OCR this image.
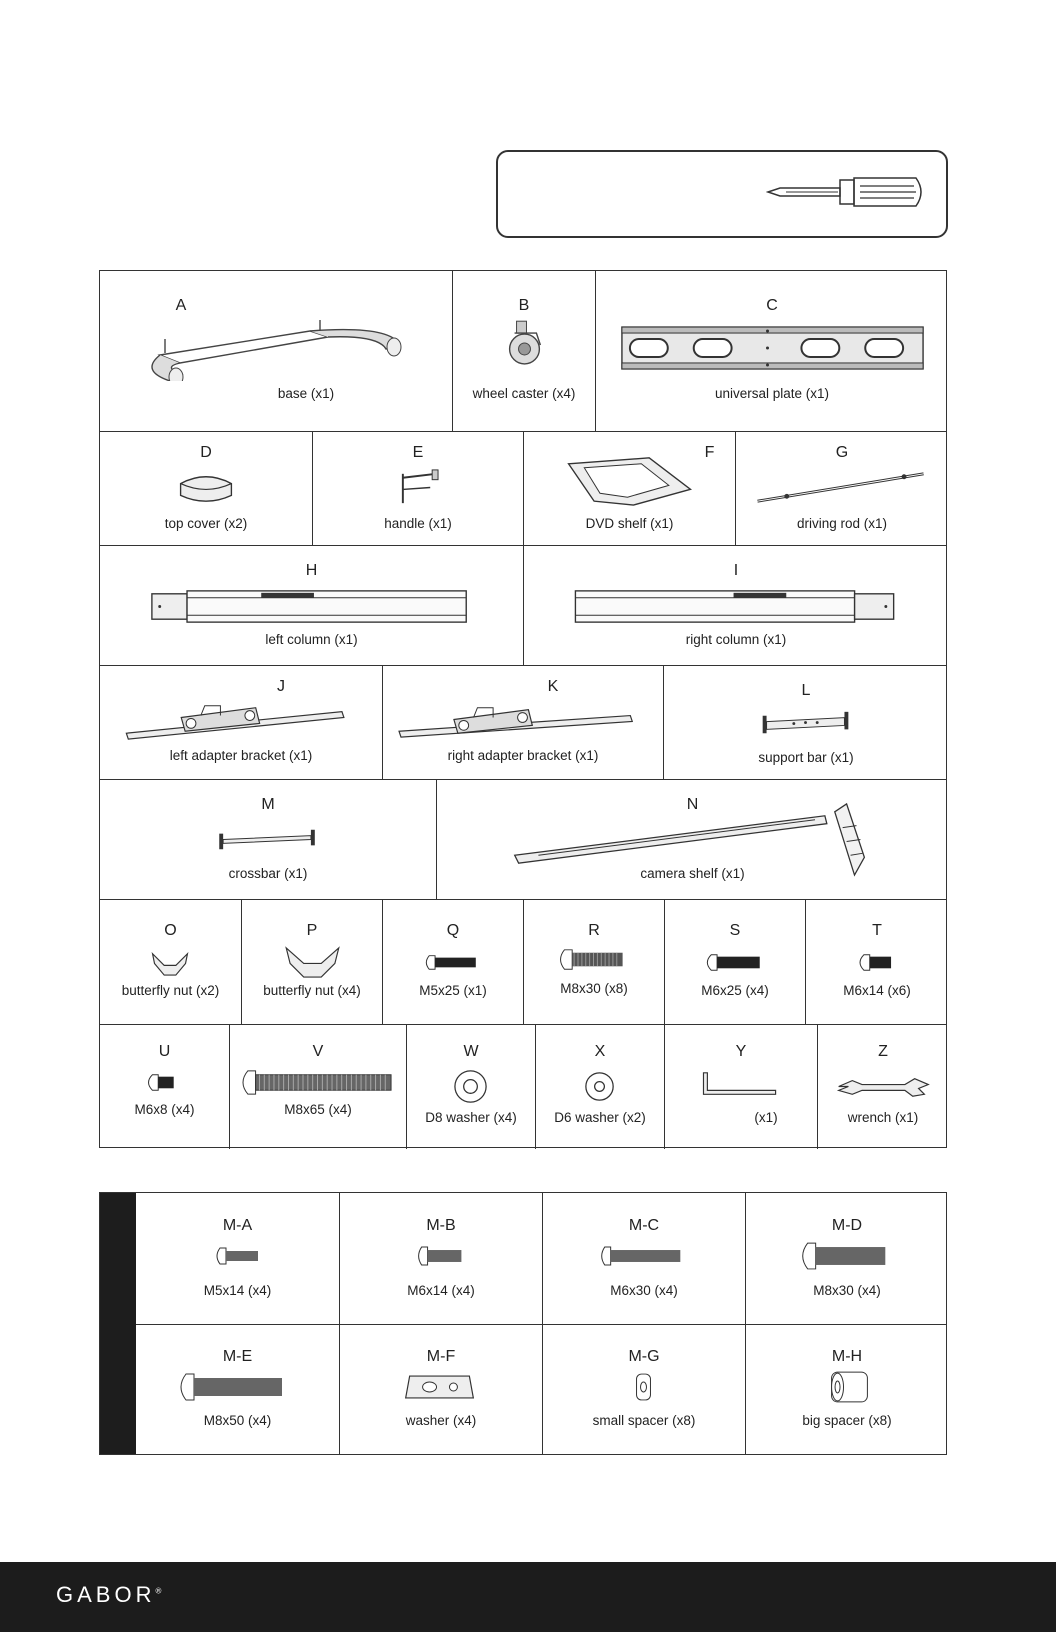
A
base (x1)
B
wheel caster (x4)
C
universal plate (x1)
D
top cover (x2)
E
handle (x1)
F
DVD shelf (x1)
G
driving rod (x1)
H
left column (x1)
I
right column (x1)
J
left adapter bracket (x1)
K
right adapter bracket (x1)
L
support bar (x1)
M
crossbar (x1)
N
camera shelf (x1)
O
butterfly nut (x2)
P
butterfly nut (x4)
Q
M5x25 (x1)
R
M8x30 (x8)
S
M6x25 (x4)
T
M6x14 (x6)
U
M6x8 (x4)
V
M8x65 (x4)
W
D8 washer (x4)
X
D6 washer (x2)
Y
(x1)
Z
wrench (x1)
M-A
M5x14 (x4)
M-B
M6x14 (x4)
M-C
M6x30 (x4)
M-D
M8x30 (x4)
M-E
M8x50 (x4)
M-F
washer (x4)
M-G
small spacer (x8)
M-H
big spacer (x8)
GABOR®
